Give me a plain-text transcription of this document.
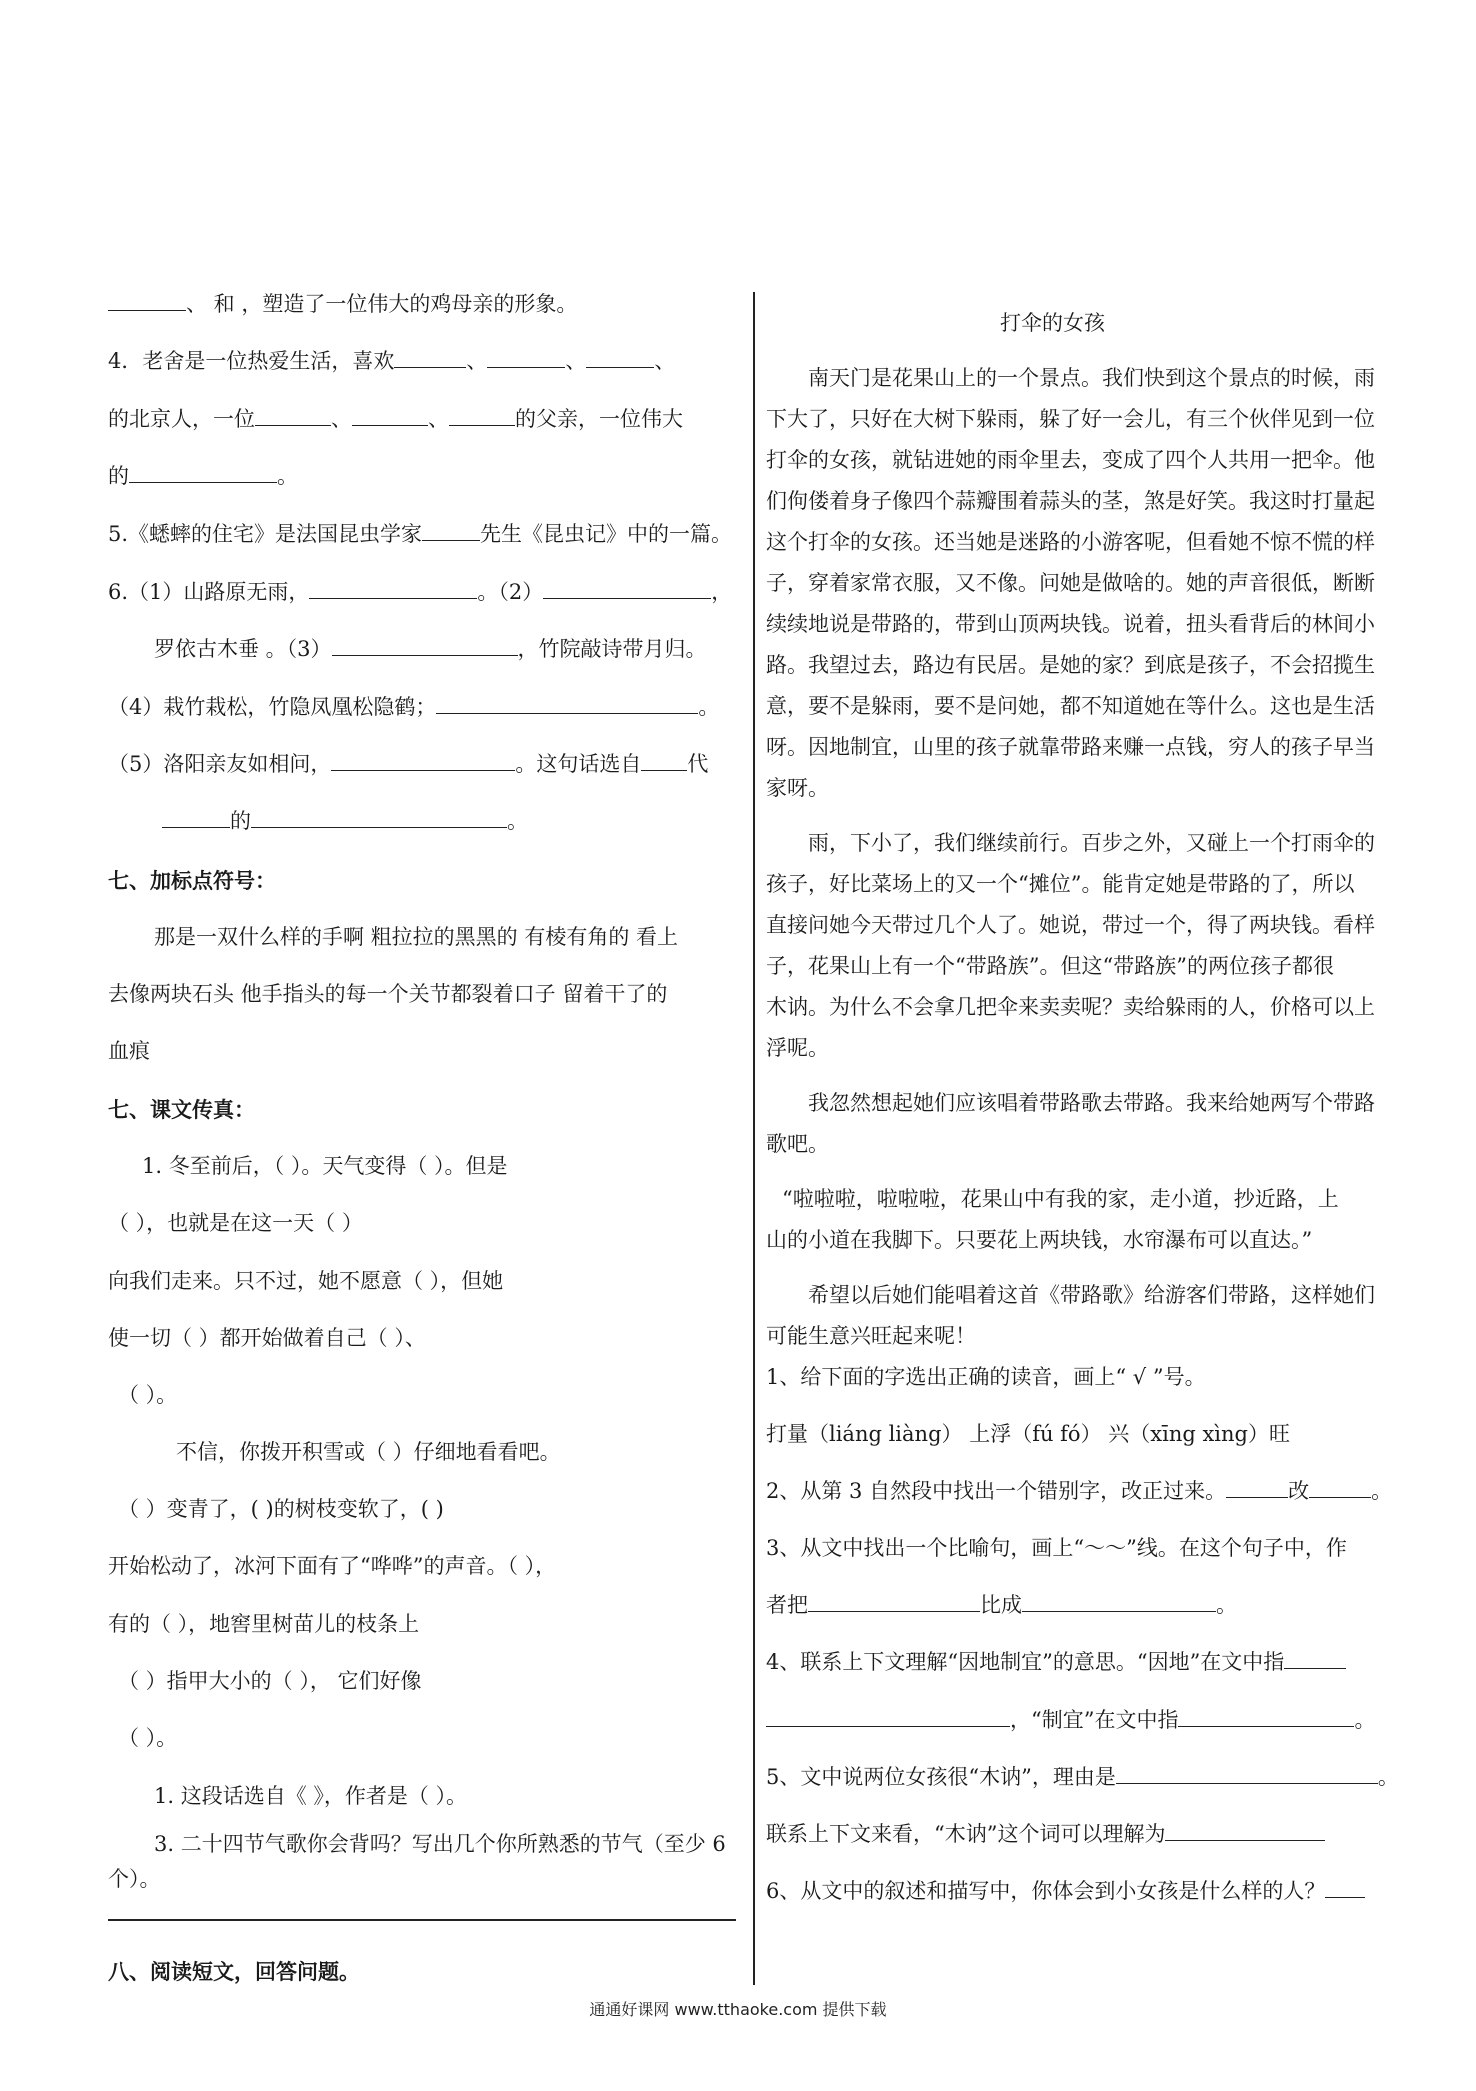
、 和 ，塑造了一位伟大的鸡母亲的形象。
4．老舍是一位热爱生活，喜欢	、	、	、
的北京人，一位	、	、	的父亲，一位伟大
的	。
5.《蟋蟀的住宅》是法国昆虫学家	先生《昆虫记》中的一篇。
6.（1）山路原无雨，	。（2）	，
罗依古木垂 。（3）	，竹院敲诗带月归。
（4）栽竹栽松，竹隐凤凰松隐鹤；	。
（5）洛阳亲友如相问，	。这句话选自 代
的	。
七、加标点符号：
那是一双什么样的手啊 粗拉拉的黑黑的 有棱有角的 看上
去像两块石头 他手指头的每一个关节都裂着口子 留着干了的
血痕
七、课文传真：
1. 冬至前后，（ ）。天气变得（ ）。但是
（ ），也就是在这一天（ ）
向我们走来。只不过，她不愿意（ ），但她
使一切（ ）都开始做着自己（ ）、
（ ）。
不信，你拨开积雪或（ ）仔细地看看吧。
（ ）变青了，( )的树枝变软了，( )
开始松动了，冰河下面有了“哗哗”的声音。（ ），
有的（ ），地窖里树苗儿的枝条上
（ ）指甲大小的（ ）， 它们好像
（ ）。
1. 这段话选自《 》，作者是（ ）。
3. 二十四节气歌你会背吗？写出几个你所熟悉的节气（至少 6
个）。
八、阅读短文，回答问题。
打伞的女孩
南天门是花果山上的一个景点。我们快到这个景点的时候，雨
下大了，只好在大树下躲雨，躲了好一会儿，有三个伙伴见到一位
打伞的女孩，就钻进她的雨伞里去，变成了四个人共用一把伞。他
们佝偻着身子像四个蒜瓣围着蒜头的茎，煞是好笑。我这时打量起
这个打伞的女孩。还当她是迷路的小游客呢，但看她不惊不慌的样
子，穿着家常衣服，又不像。问她是做啥的。她的声音很低，断断
续续地说是带路的，带到山顶两块钱。说着，扭头看背后的林间小
路。我望过去，路边有民居。是她的家？到底是孩子，不会招揽生
意，要不是躲雨，要不是问她，都不知道她在等什么。这也是生活
呀。因地制宜，山里的孩子就靠带路来赚一点钱，穷人的孩子早当
家呀。
雨，下小了，我们继续前行。百步之外，又碰上一个打雨伞的
孩子，好比菜场上的又一个“摊位”。能肯定她是带路的了，所以
直接问她今天带过几个人了。她说，带过一个，得了两块钱。看样
子，花果山上有一个“带路族”。但这“带路族”的两位孩子都很
木讷。为什么不会拿几把伞来卖卖呢？卖给躲雨的人，价格可以上
浮呢。
我忽然想起她们应该唱着带路歌去带路。我来给她两写个带路
歌吧。
“啦啦啦，啦啦啦，花果山中有我的家，走小道，抄近路，上
山的小道在我脚下。只要花上两块钱，水帘瀑布可以直达。”
希望以后她们能唱着这首《带路歌》给游客们带路，这样她们
可能生意兴旺起来呢！
1、给下面的字选出正确的读音，画上“ √ ”号。
打量（liáng liàng） 上浮（fú fó） 兴（xīng xìng）旺
2、从第 3 自然段中找出一个错别字，改正过来。	改	。
3、从文中找出一个比喻句，画上“～～”线。在这个句子中，作
者把	比成	。
4、联系上下文理解“因地制宜”的意思。“因地”在文中指
，“制宜”在文中指	。
5、文中说两位女孩很“木讷”，理由是	。
联系上下文来看，“木讷”这个词可以理解为
6、从文中的叙述和描写中，你体会到小女孩是什么样的人？
通通好课网 www.tthaoke.com 提供下载
